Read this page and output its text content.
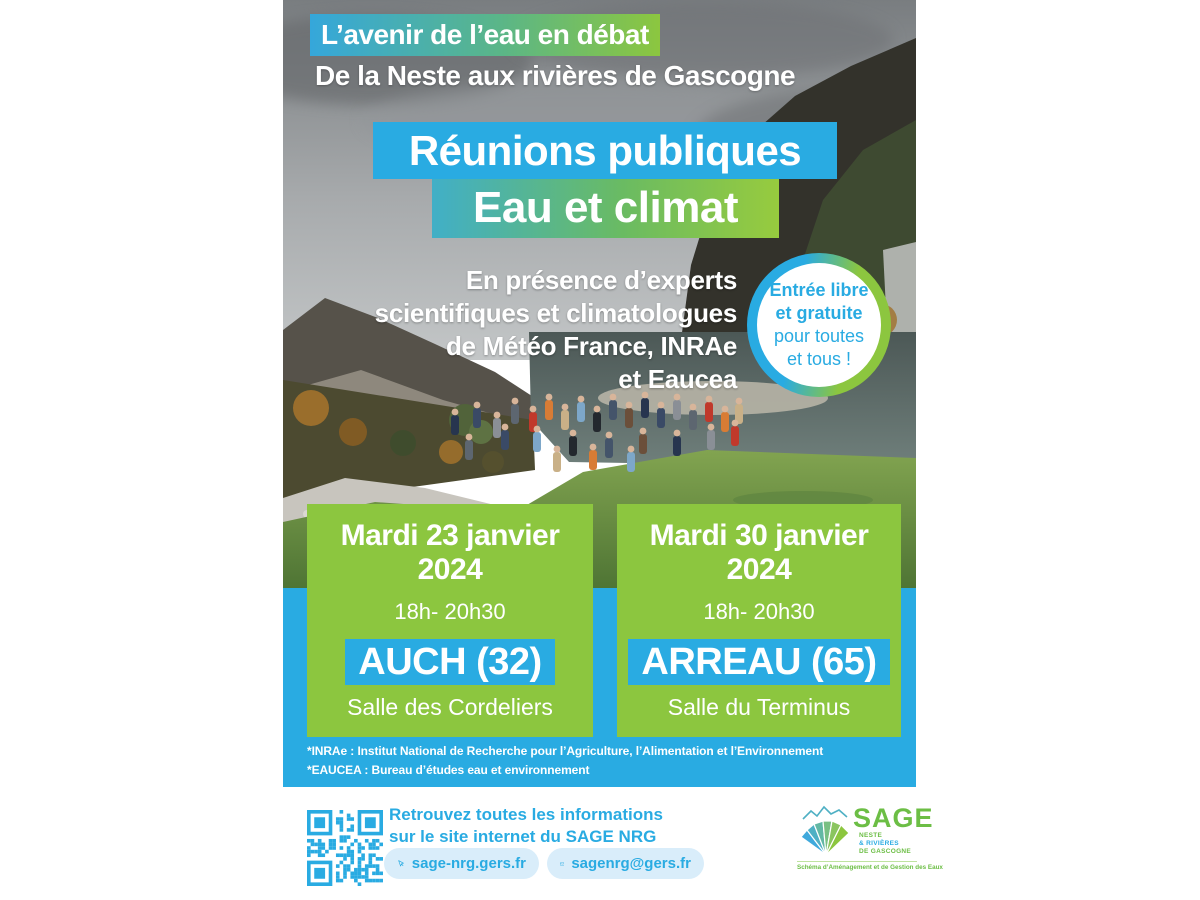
L’avenir de l’eau en débat
De la Neste aux rivières de Gascogne
Réunions publiques
Eau et climat
En présence d’experts
scientifiques et climatologues
de Météo France, INRAe
et Eaucea
Entrée libre
et gratuite
pour toutes
et tous !
Mardi 23 janvier
2024
18h- 20h30
AUCH (32)
Salle des Cordeliers
Mardi 30 janvier
2024
18h- 20h30
ARREAU (65)
Salle du Terminus
*INRAe : Institut National de Recherche pour l’Agriculture, l’Alimentation et l’Environnement
*EAUCEA : Bureau d’études eau et environnement
Retrouvez toutes les informations
sur le site internet du SAGE NRG
sage-nrg.gers.fr	sagenrg@gers.fr
SAGE
NESTE
& RIVIÈRES
DE GASCOGNE
Schéma d’Aménagement et de Gestion des Eaux
